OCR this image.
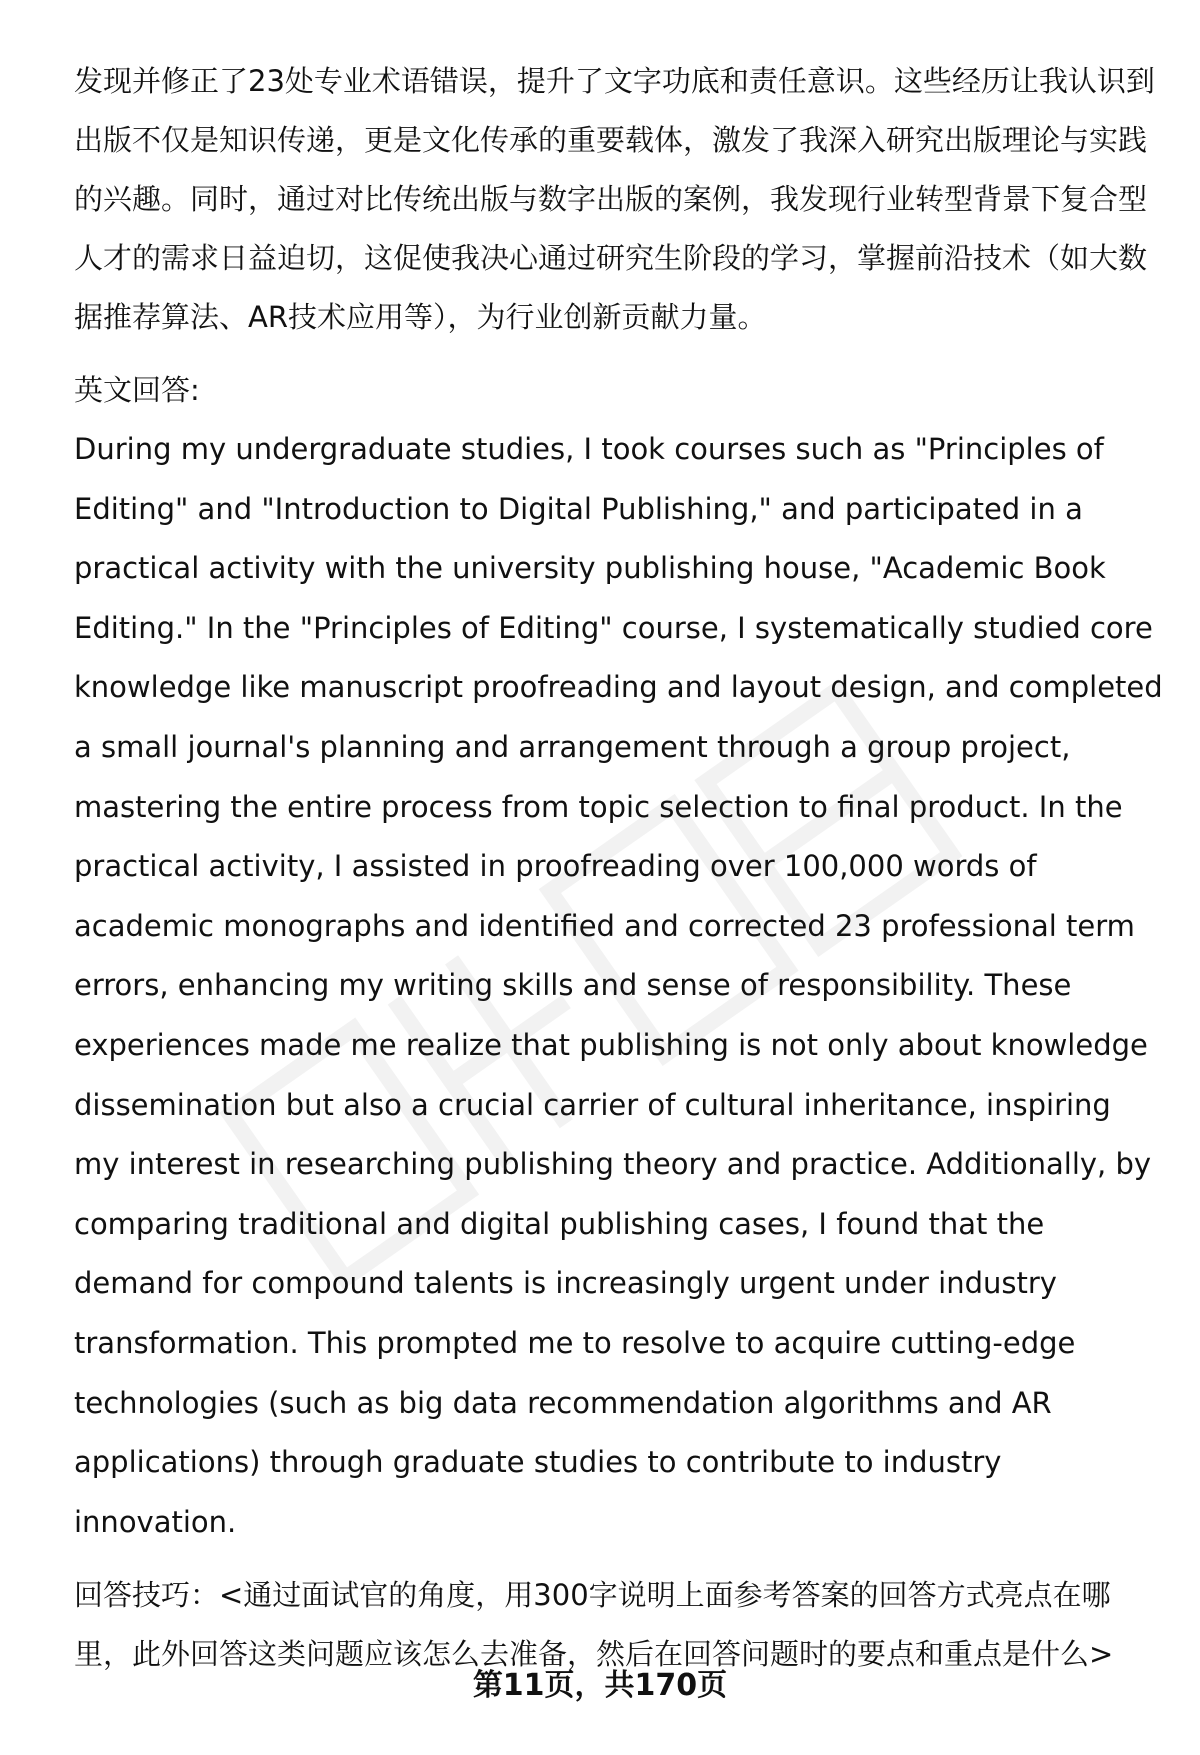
发现并修正了23处专业术语错误，提升了文字功底和责任意识。这些经历让我认识到出版不仅是知识传递，更是文化传承的重要载体，激发了我深入研究出版理论与实践的兴趣。同时，通过对比传统出版与数字出版的案例，我发现行业转型背景下复合型人才的需求日益迫切，这促使我决心通过研究生阶段的学习，掌握前沿技术（如大数据推荐算法、AR技术应用等），为行业创新贡献力量。

英文回答:

During my undergraduate studies, I took courses such as "Principles of Editing" and "Introduction to Digital Publishing," and participated in a practical activity with the university publishing house, "Academic Book Editing." In the "Principles of Editing" course, I systematically studied core knowledge like manuscript proofreading and layout design, and completed a small journal's planning and arrangement through a group project, mastering the entire process from topic selection to final product. In the practical activity, I assisted in proofreading over 100,000 words of academic monographs and identified and corrected 23 professional term errors, enhancing my writing skills and sense of responsibility. These experiences made me realize that publishing is not only about knowledge dissemination but also a crucial carrier of cultural inheritance, inspiring my interest in researching publishing theory and practice. Additionally, by comparing traditional and digital publishing cases, I found that the demand for compound talents is increasingly urgent under industry transformation. This prompted me to resolve to acquire cutting-edge technologies (such as big data recommendation algorithms and AR applications) through graduate studies to contribute to industry innovation.

回答技巧：<通过面试官的角度，用300字说明上面参考答案的回答方式亮点在哪里，此外回答这类问题应该怎么去准备，然后在回答问题时的要点和重点是什么>

第11页，共170页
